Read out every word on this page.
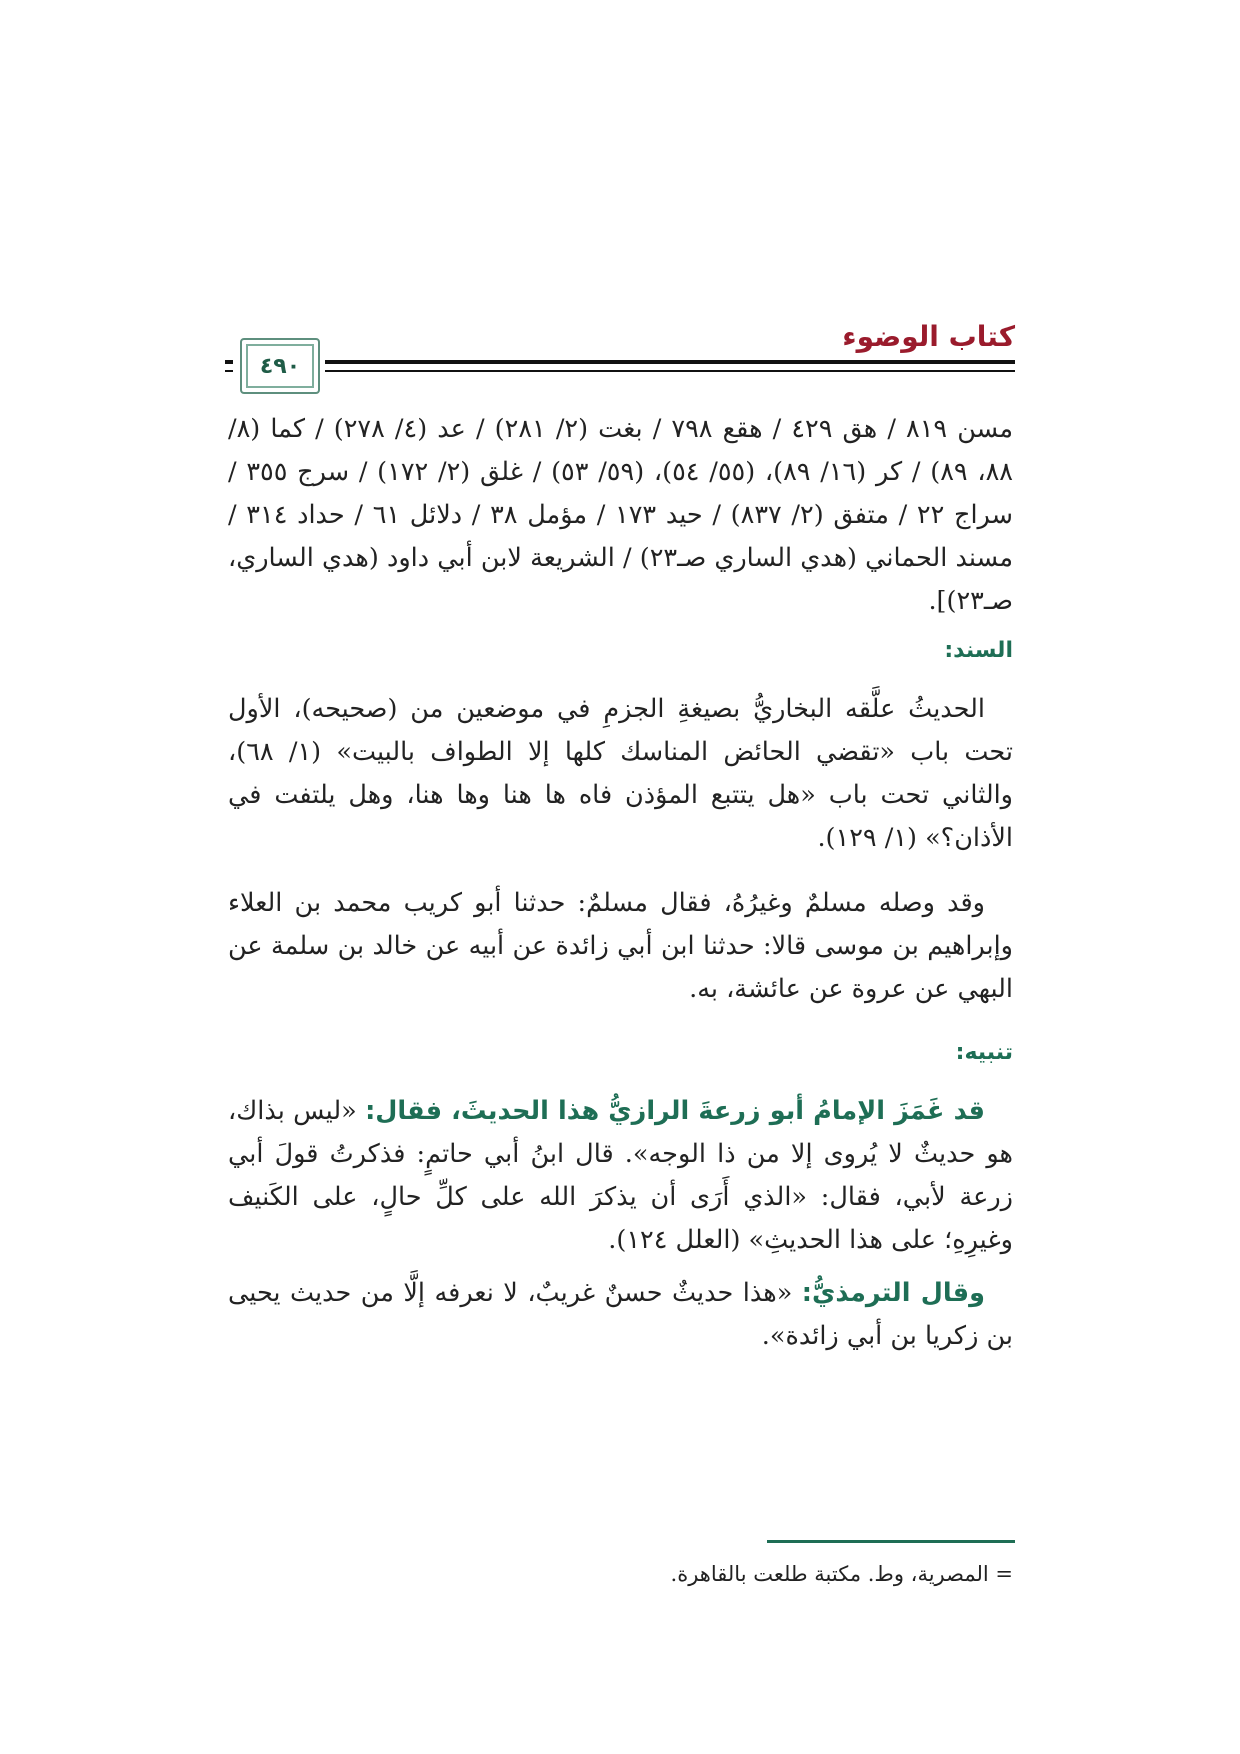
كتاب الوضوء
٤٩٠

مسن ٨١٩ / هق ٤٢٩ / هقع ٧٩٨ / بغت (٢/ ٢٨١) / عد (٤/ ٢٧٨) / كما (٨/ ٨٨، ٨٩) / كر (١٦/ ٨٩)، (٥٥/ ٥٤)، (٥٩/ ٥٣) / غلق (٢/ ١٧٢) / سرج ٣٥٥ / سراج ٢٢ / متفق (٢/ ٨٣٧) / حيد ١٧٣ / مؤمل ٣٨ / دلائل ٦١ / حداد ٣١٤ / مسند الحماني (هدي الساري صـ٢٣) / الشريعة لابن أبي داود (هدي الساري، صـ٢٣)].

السند:

الحديثُ علَّقه البخاريُّ بصيغةِ الجزمِ في موضعين من (صحيحه)، الأول تحت باب «تقضي الحائض المناسك كلها إلا الطواف بالبيت» (١/ ٦٨)، والثاني تحت باب «هل يتتبع المؤذن فاه ها هنا وها هنا، وهل يلتفت في الأذان؟» (١/ ١٢٩).

وقد وصله مسلمٌ وغيرُهُ، فقال مسلمٌ: حدثنا أبو كريب محمد بن العلاء وإبراهيم بن موسى قالا: حدثنا ابن أبي زائدة عن أبيه عن خالد بن سلمة عن البهي عن عروة عن عائشة، به.

تنبيه:

قد غَمَزَ الإمامُ أبو زرعةَ الرازيُّ هذا الحديثَ، فقال: «ليس بذاك، هو حديثٌ لا يُروى إلا من ذا الوجه». قال ابنُ أبي حاتمٍ: فذكرتُ قولَ أبي زرعة لأبي، فقال: «الذي أَرَى أن يذكرَ الله على كلِّ حالٍ، على الكَنيف وغيرِهِ؛ على هذا الحديثِ» (العلل ١٢٤).

وقال الترمذيُّ: «هذا حديثٌ حسنٌ غريبٌ، لا نعرفه إلَّا من حديث يحيى بن زكريا بن أبي زائدة».

= المصرية، وط. مكتبة طلعت بالقاهرة.
